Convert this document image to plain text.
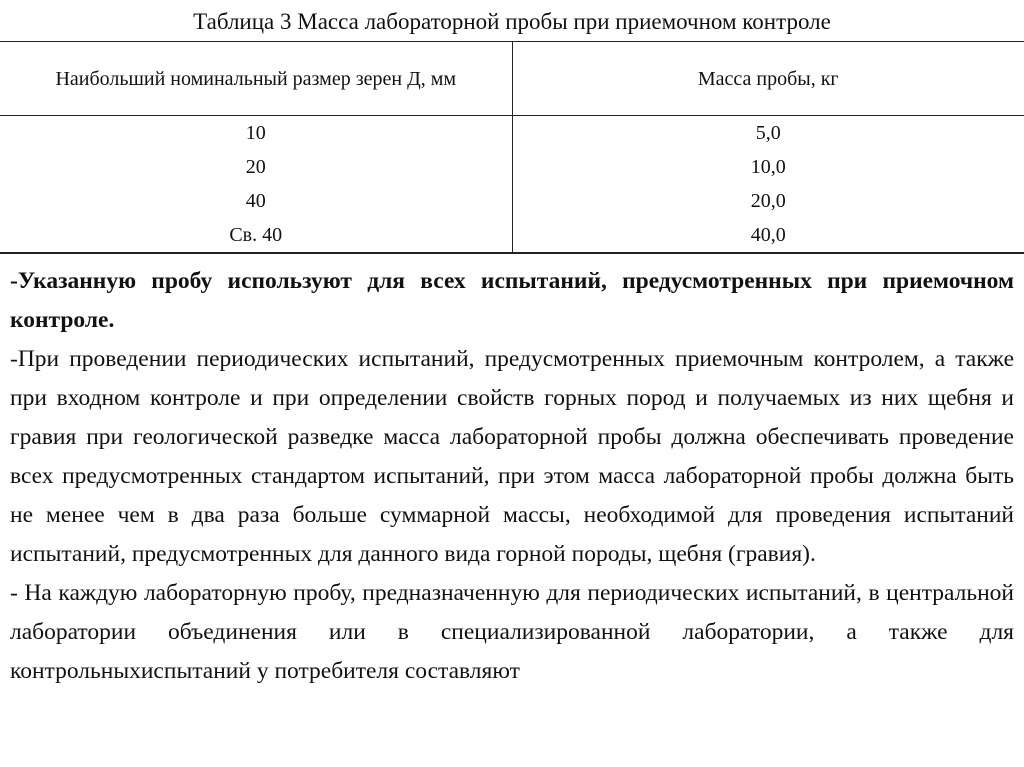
Таблица 3 Масса лабораторной пробы при приемочном контроле
Наибольший номинальный размер зерен Д, мм	Масса пробы, кг
10	5,0
20	10,0
40	20,0
Св. 40	40,0

-Указанную пробу используют для всех испытаний, предусмотренных при приемочном контроле.

-При проведении периодических испытаний, предусмотренных приемочным контролем, а также при входном контроле и при определении свойств горных пород и получаемых из них щебня и гравия при геологической разведке масса лабораторной пробы должна обеспечивать проведение всех предусмотренных стандартом испытаний, при этом масса лабораторной пробы должна быть не менее чем в два раза больше суммарной массы, необходимой для проведения испытаний испытаний, предусмотренных для данного вида горной породы, щебня (гравия).

- На каждую лабораторную пробу, предназначенную для периодических испытаний, в центральной лаборатории объединения или в специализированной лаборатории, а также для контрольныхиспытаний у потребителя составляют
